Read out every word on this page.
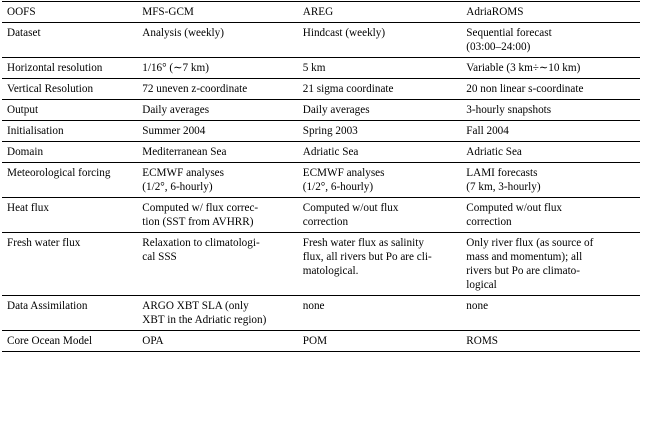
OOFS	MFS-GCM	AREG	AdriaROMS
Dataset	Analysis (weekly)	Hindcast (weekly)	Sequential forecast
(03:00–24:00)

Horizontal resolution	1/16° (∼7 km)	5 km	Variable (3 km÷∼10 km)

Vertical Resolution	72 uneven z-coordinate	21 sigma coordinate	20 non linear s-coordinate

Output	Daily averages	Daily averages	3-hourly snapshots

Initialisation	Summer 2004	Spring 2003	Fall 2004

Domain	Mediterranean Sea	Adriatic Sea	Adriatic Sea

Meteorological forcing	ECMWF analyses
(1/2°, 6-hourly)	ECMWF analyses
(1/2°, 6-hourly)	LAMI forecasts
(7 km, 3-hourly)

Heat flux	Computed w/ flux correc-
tion (SST from AVHRR)	Computed w/out flux
correction	Computed w/out flux
correction

Fresh water flux	Relaxation to climatologi-
cal SSS	Fresh water flux as salinity
flux, all rivers but Po are cli-
matological.	Only river flux (as source of
mass and momentum); all
rivers but Po are climato-
logical

Data Assimilation	ARGO XBT SLA (only
XBT in the Adriatic region)	none	none

Core Ocean Model	OPA	POM	ROMS
